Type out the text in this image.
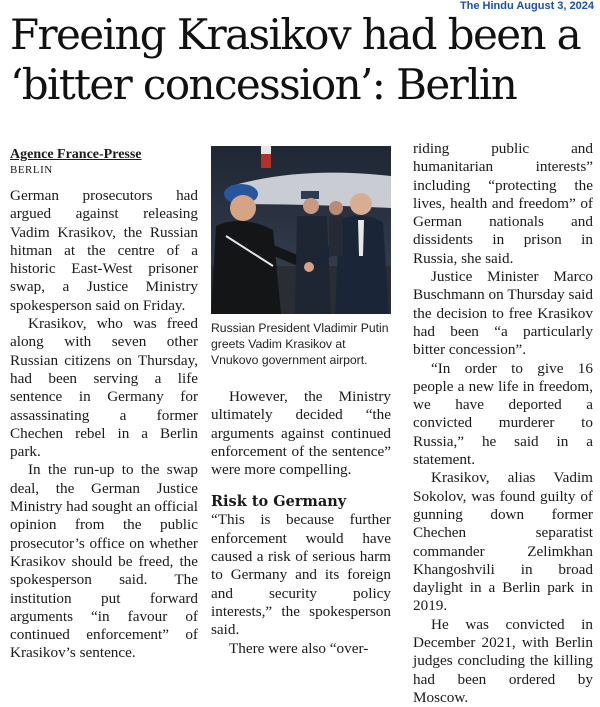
The Hindu August 3, 2024
Freeing Krasikov had been a ‘bitter concession’: Berlin
Agence France-Presse
BERLIN

German prosecutors had argued against releasing Vadim Krasikov, the Russian hitman at the centre of a historic East-West prisoner swap, a Justice Ministry spokesperson said on Friday.

Krasikov, who was freed along with seven other Russian citizens on Thursday, had been serving a life sentence in Germany for assassinating a former Chechen rebel in a Berlin park.

In the run-up to the swap deal, the German Justice Ministry had sought an official opinion from the public prosecutor’s office on whether Krasikov should be freed, the spokesperson said. The institution put forward arguments “in favour of continued enforcement” of Krasikov’s sentence.

Russian President Vladimir Putin greets Vadim Krasikov at Vnukovo government airport.

However, the Ministry ultimately decided “the arguments against continued enforcement of the sentence” were more compelling.

Risk to Germany

“This is because further enforcement would have caused a risk of serious harm to Germany and its foreign and security policy interests,” the spokesperson said.

There were also “over-

riding public and humanitarian interests” including “protecting the lives, health and freedom” of German nationals and dissidents in prison in Russia, she said.

Justice Minister Marco Buschmann on Thursday said the decision to free Krasikov had been “a particularly bitter concession”.

“In order to give 16 people a new life in freedom, we have deported a convicted murderer to Russia,” he said in a statement.

Krasikov, alias Vadim Sokolov, was found guilty of gunning down former Chechen separatist commander Zelimkhan Khangoshvili in broad daylight in a Berlin park in 2019.

He was convicted in December 2021, with Berlin judges concluding the killing had been ordered by Moscow.
